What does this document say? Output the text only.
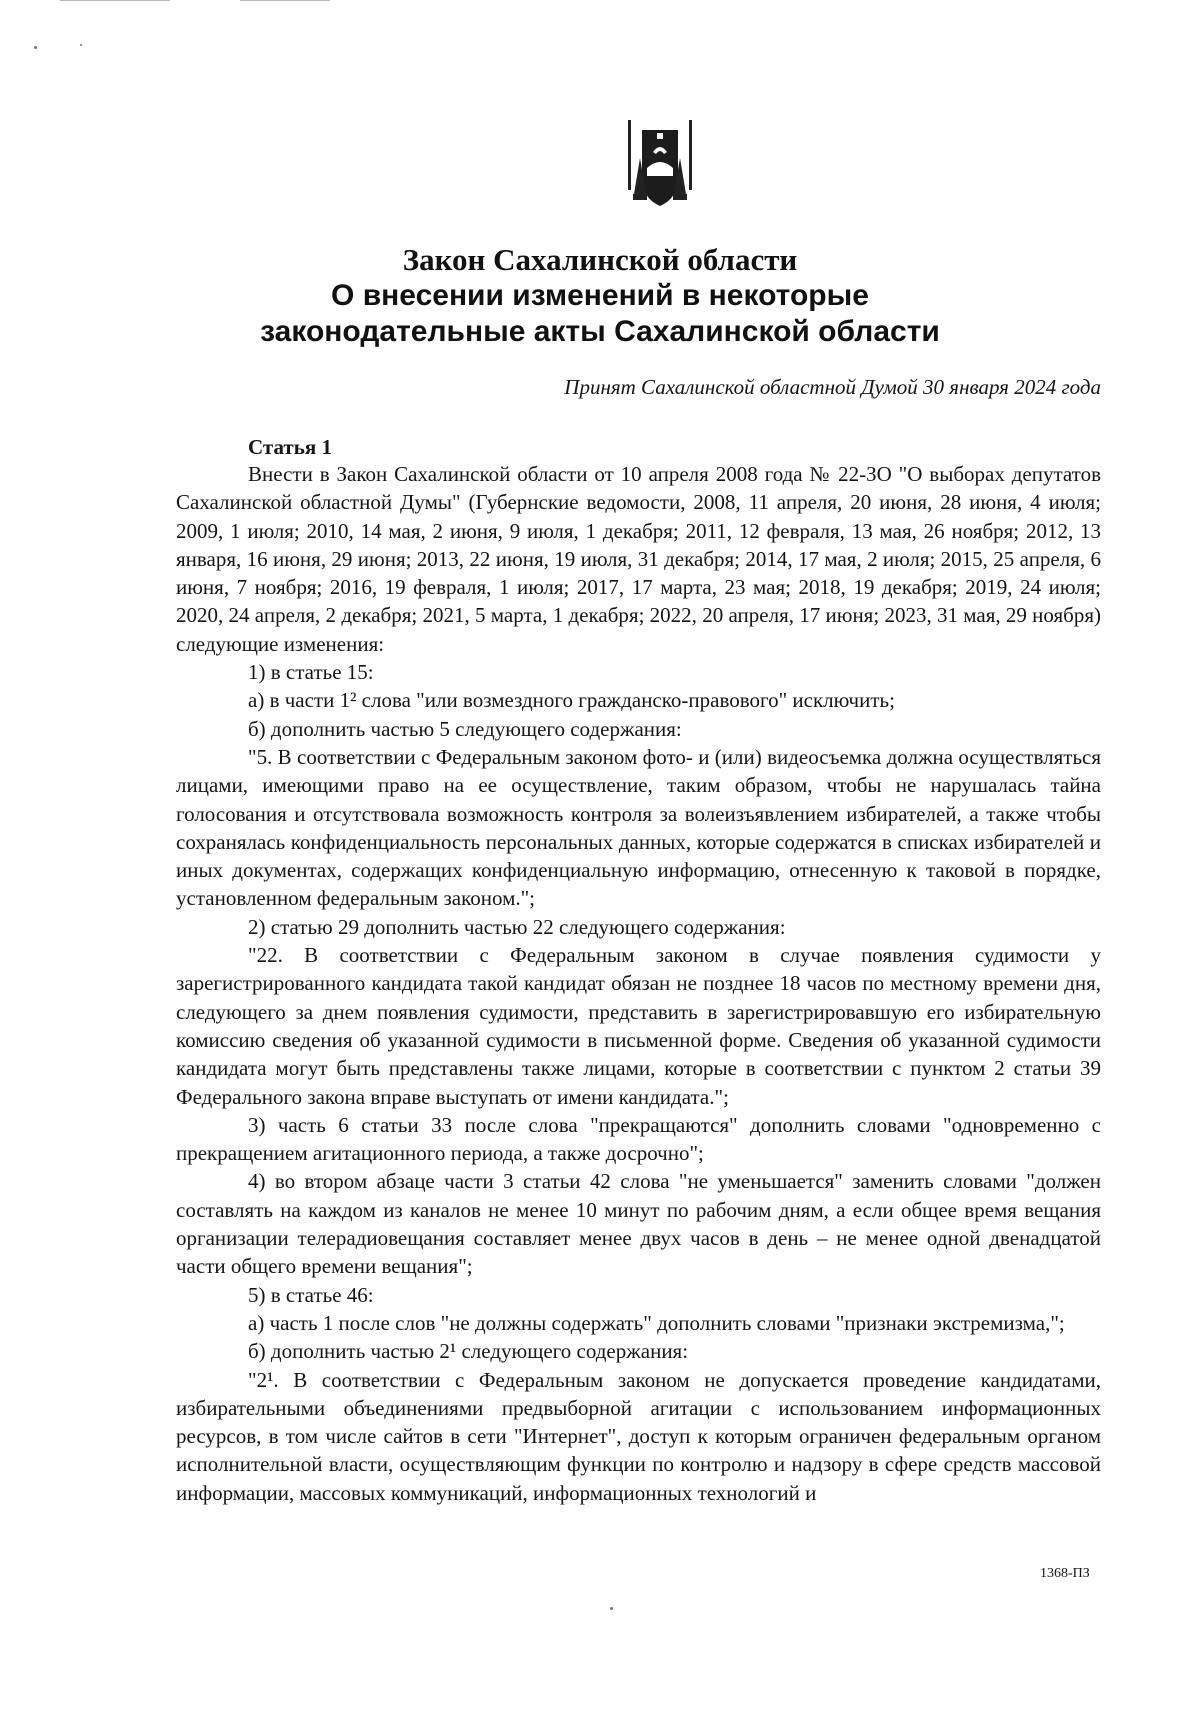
Закон Сахалинской области
О внесении изменений в некоторые
законодательные акты Сахалинской области
Принят Сахалинской областной Думой 30 января 2024 года
Статья 1

Внести в Закон Сахалинской области от 10 апреля 2008 года № 22-ЗО "О выборах депутатов Сахалинской областной Думы" (Губернские ведомости, 2008, 11 апреля, 20 июня, 28 июня, 4 июля; 2009, 1 июля; 2010, 14 мая, 2 июня, 9 июля, 1 декабря; 2011, 12 февраля, 13 мая, 26 ноября; 2012, 13 января, 16 июня, 29 июня; 2013, 22 июня, 19 июля, 31 декабря; 2014, 17 мая, 2 июля; 2015, 25 апреля, 6 июня, 7 ноября; 2016, 19 февраля, 1 июля; 2017, 17 марта, 23 мая; 2018, 19 декабря; 2019, 24 июля; 2020, 24 апреля, 2 декабря; 2021, 5 марта, 1 декабря; 2022, 20 апреля, 17 июня; 2023, 31 мая, 29 ноября) следующие изменения:

1) в статье 15:

а) в части 1² слова "или возмездного гражданско-правового" исключить;

б) дополнить частью 5 следующего содержания:

"5. В соответствии с Федеральным законом фото- и (или) видеосъемка должна осуществляться лицами, имеющими право на ее осуществление, таким образом, чтобы не нарушалась тайна голосования и отсутствовала возможность контроля за волеизъявлением избирателей, а также чтобы сохранялась конфиденциальность персональных данных, которые содержатся в списках избирателей и иных документах, содержащих конфиденциальную информацию, отнесенную к таковой в порядке, установленном федеральным законом.";

2) статью 29 дополнить частью 22 следующего содержания:

"22. В соответствии с Федеральным законом в случае появления судимости у зарегистрированного кандидата такой кандидат обязан не позднее 18 часов по местному времени дня, следующего за днем появления судимости, представить в зарегистрировавшую его избирательную комиссию сведения об указанной судимости в письменной форме. Сведения об указанной судимости кандидата могут быть представлены также лицами, которые в соответствии с пунктом 2 статьи 39 Федерального закона вправе выступать от имени кандидата.";

3) часть 6 статьи 33 после слова "прекращаются" дополнить словами "одновременно с прекращением агитационного периода, а также досрочно";

4) во втором абзаце части 3 статьи 42 слова "не уменьшается" заменить словами "должен составлять на каждом из каналов не менее 10 минут по рабочим дням, а если общее время вещания организации телерадиовещания составляет менее двух часов в день – не менее одной двенадцатой части общего времени вещания";

5) в статье 46:

а) часть 1 после слов "не должны содержать" дополнить словами "признаки экстремизма,";

б) дополнить частью 2¹ следующего содержания:

"2¹. В соответствии с Федеральным законом не допускается проведение кандидатами, избирательными объединениями предвыборной агитации с использованием информационных ресурсов, в том числе сайтов в сети "Интернет", доступ к которым ограничен федеральным органом исполнительной власти, осуществляющим функции по контролю и надзору в сфере средств массовой информации, массовых коммуникаций, информационных технологий и

1368-ПЗ
